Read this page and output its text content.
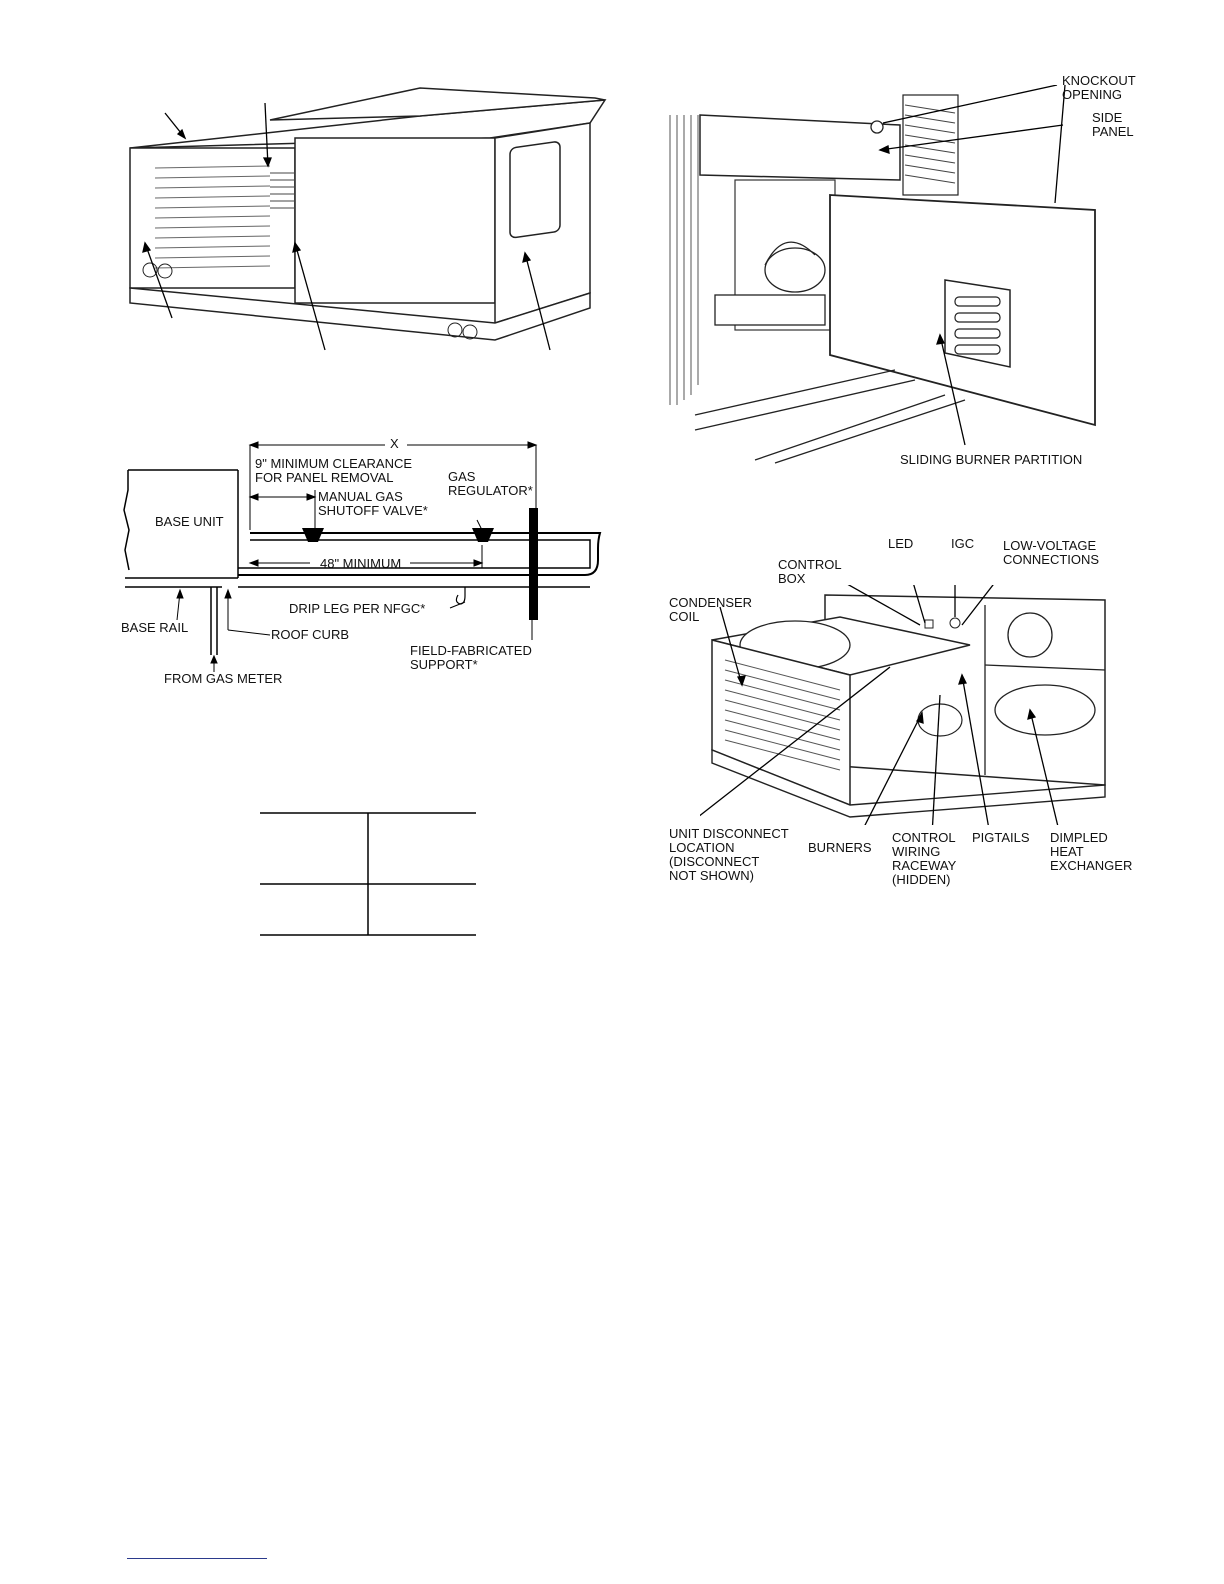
X
9" MINIMUM CLEARANCE
FOR PANEL REMOVAL
MANUAL GAS
SHUTOFF VALVE*
GAS
REGULATOR*
BASE UNIT
48" MINIMUM
DRIP LEG PER NFGC*
BASE RAIL	ROOF CURB
FROM GAS METER
FIELD-FABRICATED
SUPPORT*
KNOCKOUT
OPENING
SIDE
PANEL
SLIDING BURNER PARTITION
LED	IGC LOW-VOLTAGE
CONNECTIONS
CONTROL
BOX
CONDENSER
COIL
UNIT DISCONNECT
LOCATION
(DISCONNECT
NOT SHOWN)
BURNERS
CONTROL
WIRING
RACEWAY
(HIDDEN)
PIGTAILS DIMPLED
HEAT
EXCHANGER
